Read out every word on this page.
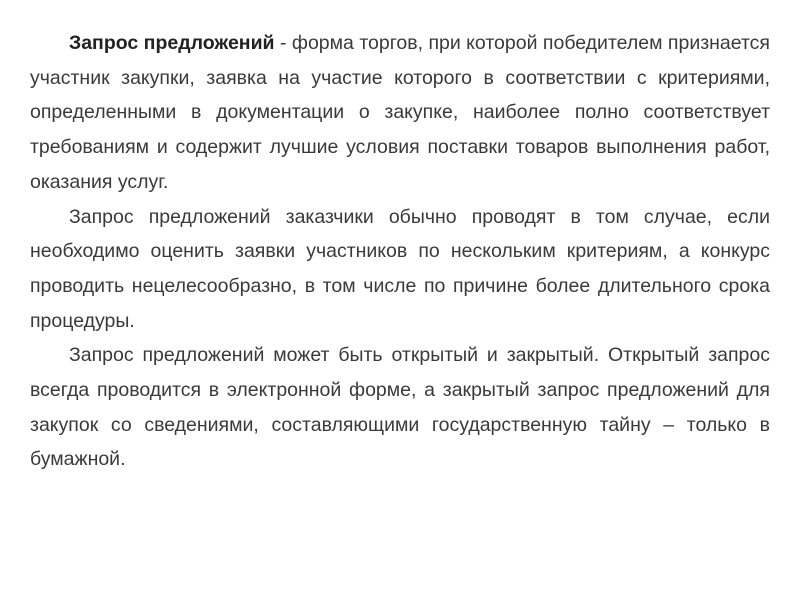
Запрос предложений - форма торгов, при которой победителем признается участник закупки, заявка на участие которого в соответствии с критериями, определенными в документации о закупке, наиболее полно соответствует требованиям и содержит лучшие условия поставки товаров выполнения работ, оказания услуг.

Запрос предложений заказчики обычно проводят в том случае, если необходимо оценить заявки участников по нескольким критериям, а конкурс проводить нецелесообразно, в том числе по причине более длительного срока процедуры.

Запрос предложений может быть открытый и закрытый. Открытый запрос всегда проводится в электронной форме, а закрытый запрос предложений для закупок со сведениями, составляющими государственную тайну – только в бумажной.
